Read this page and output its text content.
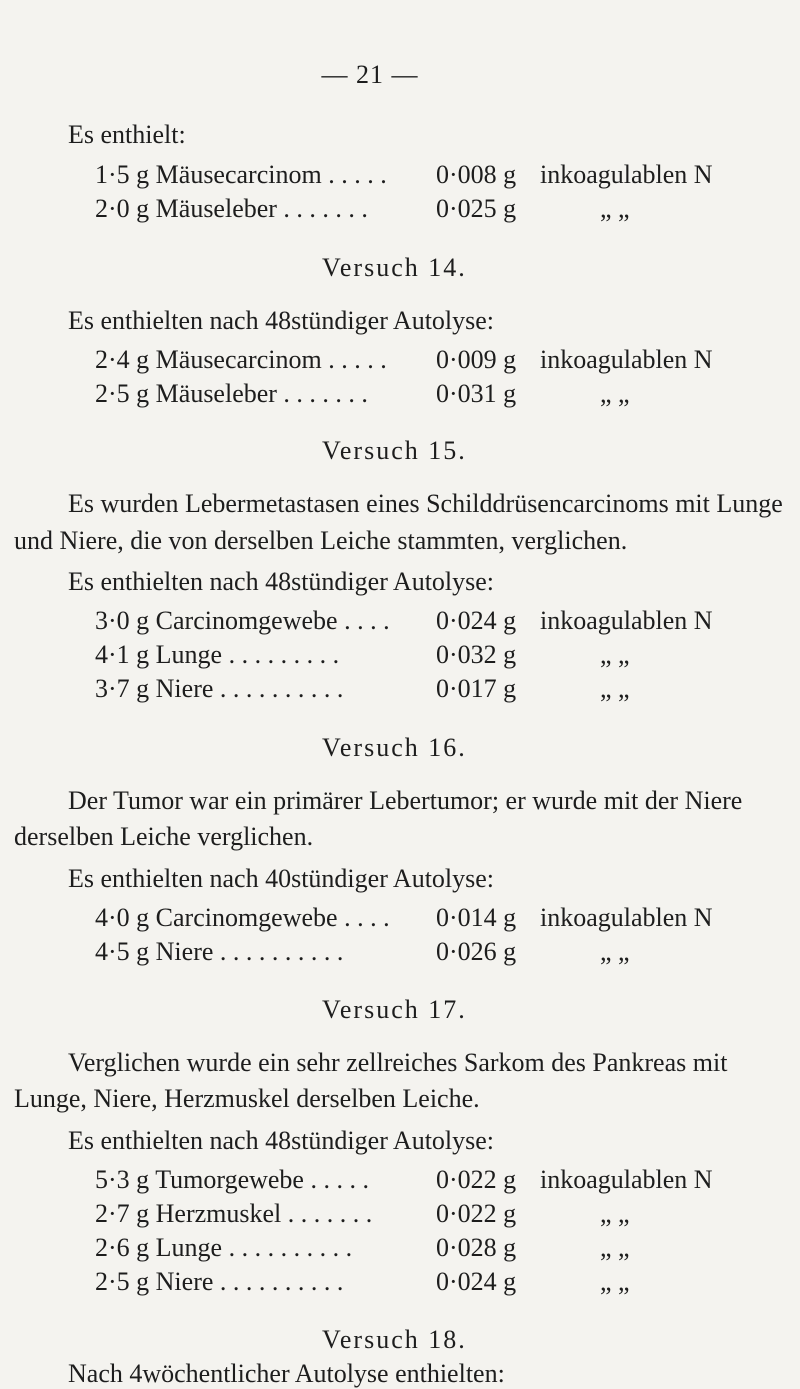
— 21 —
Es enthielt:
1·5 g Mäusecarcinom . . . . . 0·008 g inkoagulablen N
2·0 g Mäuseleber . . . . . . .	0·025 g	„ „
Versuch 14.
Es enthielten nach 48stündiger Autolyse:
2·4 g Mäusecarcinom . . . . . 0·009 g inkoagulablen N
2·5 g Mäuseleber . . . . . . .	0·031 g	„ „
Versuch 15.
Es wurden Lebermetastasen eines Schilddrüsencarcinoms mit Lunge
und Niere, die von derselben Leiche stammten, verglichen.
Es enthielten nach 48stündiger Autolyse:
3·0 g Carcinomgewebe . . . . 0·024 g inkoagulablen N
4·1 g Lunge . . . . . . . . .	0·032 g	„ „
3·7 g Niere . . . . . . . . . .	0·017 g	„ „
Versuch 16.
Der Tumor war ein primärer Lebertumor; er wurde mit der Niere
derselben Leiche verglichen.
Es enthielten nach 40stündiger Autolyse:
4·0 g Carcinomgewebe . . . . 0·014 g inkoagulablen N
4·5 g Niere . . . . . . . . . .	0·026 g	„ „
Versuch 17.
Verglichen wurde ein sehr zellreiches Sarkom des Pankreas mit
Lunge, Niere, Herzmuskel derselben Leiche.
Es enthielten nach 48stündiger Autolyse:
5·3 g Tumorgewebe . . . . .	0·022 g inkoagulablen N
2·7 g Herzmuskel . . . . . . . 0·022 g	„ „
2·6 g Lunge . . . . . . . . . .	0·028 g	„ „
2·5 g Niere . . . . . . . . . .	0·024 g	„ „
Versuch 18.
Nach 4wöchentlicher Autolyse enthielten:
